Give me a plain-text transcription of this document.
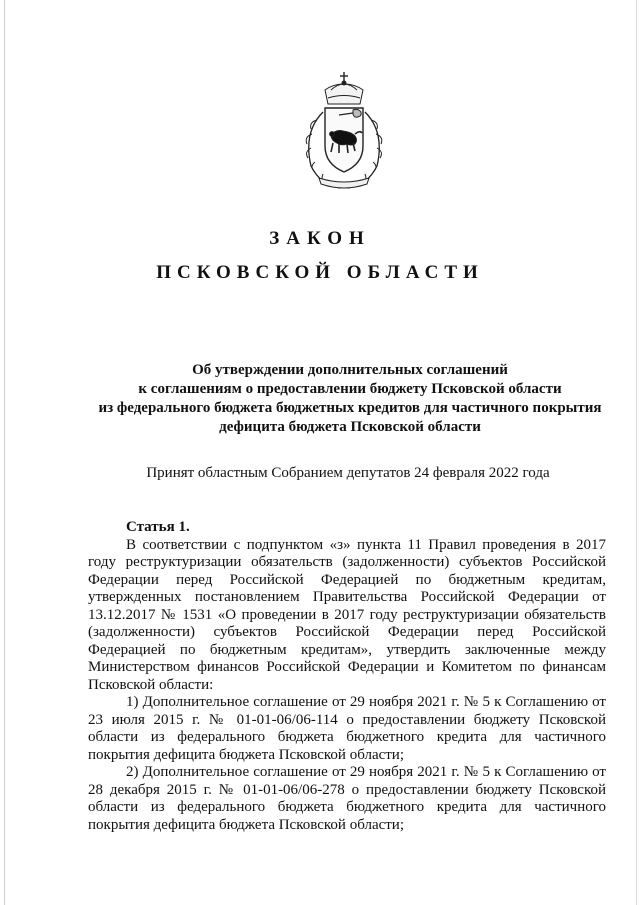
ЗАКОН
ПСКОВСКОЙ ОБЛАСТИ
Об утверждении дополнительных соглашений
к соглашениям о предоставлении бюджету Псковской области
из федерального бюджета бюджетных кредитов для частичного покрытия
дефицита бюджета Псковской области

Принят областным Собранием депутатов 24 февраля 2022 года

Статья 1.

В соответствии с подпунктом «з» пункта 11 Правил проведения в 2017 году реструктуризации обязательств (задолженности) субъектов Российской Федерации перед Российской Федерацией по бюджетным кредитам, утвержденных постановлением Правительства Российской Федерации от 13.12.2017 № 1531 «О проведении в 2017 году реструктуризации обязательств (задолженности) субъектов Российской Федерации перед Российской Федерацией по бюджетным кредитам», утвердить заключенные между Министерством финансов Российской Федерации и Комитетом по финансам Псковской области:

1) Дополнительное соглашение от 29 ноября 2021 г. № 5 к Соглашению от 23 июля 2015 г. № 01-01-06/06-114 о предоставлении бюджету Псковской области из федерального бюджета бюджетного кредита для частичного покрытия дефицита бюджета Псковской области;

2) Дополнительное соглашение от 29 ноября 2021 г. № 5 к Соглашению от 28 декабря 2015 г. № 01-01-06/06-278 о предоставлении бюджету Псковской области из федерального бюджета бюджетного кредита для частичного покрытия дефицита бюджета Псковской области;
